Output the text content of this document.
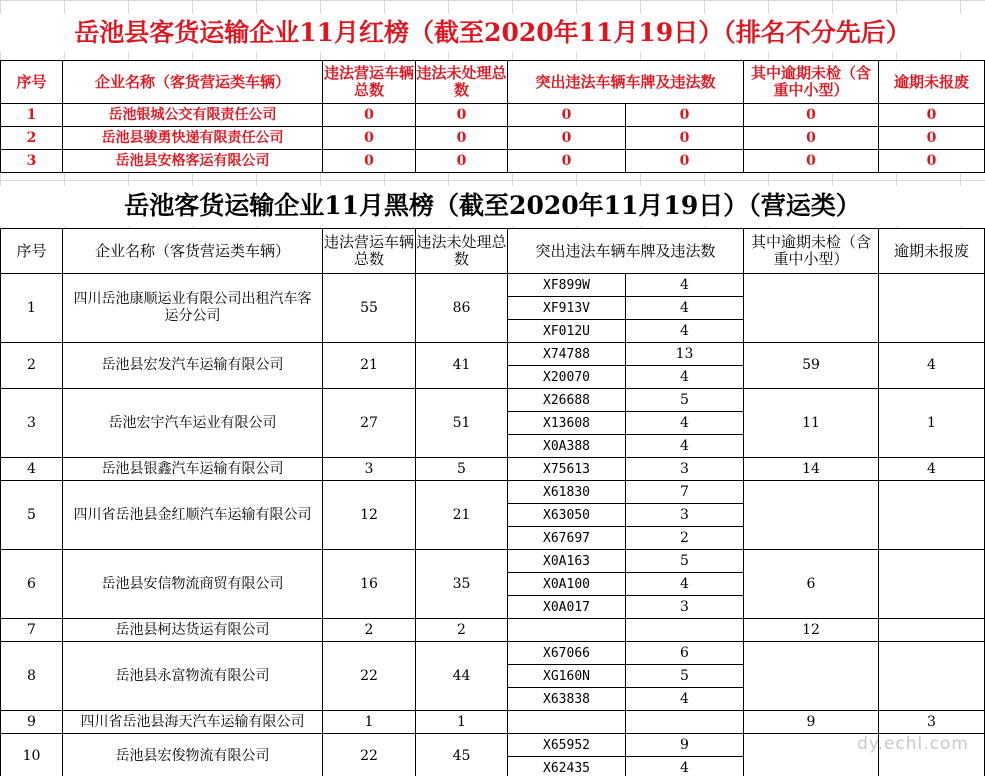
岳池县客货运输企业11月红榜（截至2020年11月19日）（排名不分先后）
序号	企业名称（客货营运类车辆）	违法营运车辆总数	违法未处理总数	突出违法车辆车牌及违法数		其中逾期未检（含重中小型）	逾期未报废
1	岳池银城公交有限责任公司	0	0	0	0	0	0
2	岳池县骏勇快递有限责任公司	0	0	0	0	0	0
3	岳池县安格客运有限公司	0	0	0	0	0	0
岳池客货运输企业11月黑榜（截至2020年11月19日）（营运类）
序号	企业名称（客货营运类车辆）	违法营运车辆总数	违法未处理总数	突出违法车辆车牌及违法数		其中逾期未检（含重中小型）	逾期未报废
1	四川岳池康顺运业有限公司出租汽车客运分公司	55	86	XF899W	4		
				XF913V	4		
				XF012U	4		
2	岳池县宏发汽车运输有限公司	21	41	X74788	13	59	4
				X20070	4		
3	岳池宏宇汽车运业有限公司	27	51	X26688	5	11	1
				X13608	4		
				X0A388	4		
4	岳池县银鑫汽车运输有限公司	3	5	X75613	3	14	4
5	四川省岳池县金红顺汽车运输有限公司	12	21	X61830	7		
				X63050	3		
				X67697	2		
6	岳池县安信物流商贸有限公司	16	35	X0A163	5	6	
				X0A100	4		
				X0A017	3		
7	岳池县柯达货运有限公司	2	2			12	
8	岳池县永富物流有限公司	22	44	X67066	6		
				XG160N	5		
				X63838	4		
9	四川省岳池县海天汽车运输有限公司	1	1			9	3
10	岳池县宏俊物流有限公司	22	45	X65952	9		
				X62435	4		
dy.echl.com
